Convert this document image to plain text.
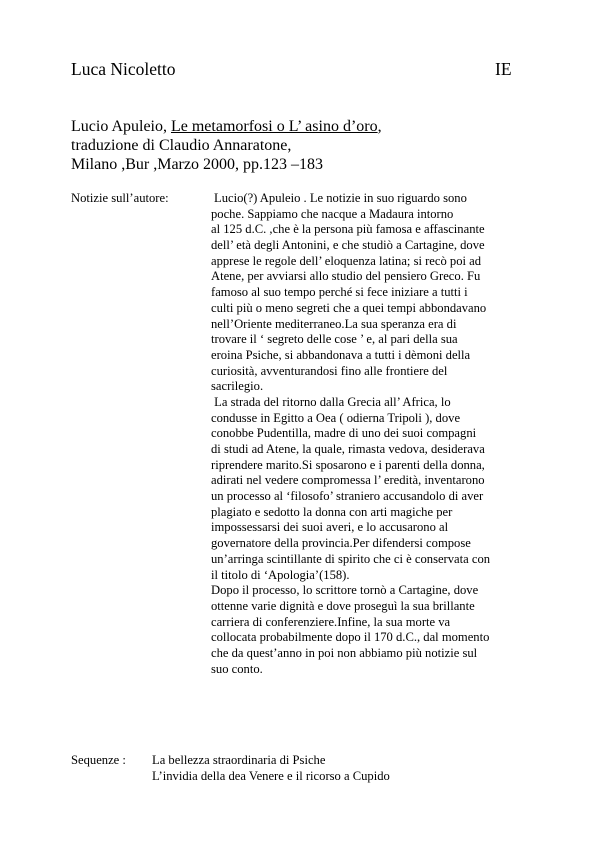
Luca Nicoletto	IE
Lucio Apuleio, Le metamorfosi o L’ asino d’oro,
traduzione di Claudio Annaratone,
Milano ,Bur ,Marzo 2000, pp.123 –183
Notizie sull’autore:	Lucio(?) Apuleio . Le notizie in suo riguardo sono
poche. Sappiamo che nacque a Madaura intorno
al 125 d.C. ,che è la persona più famosa e affascinante
dell’ età degli Antonini, e che studiò a Cartagine, dove
apprese le regole dell’ eloquenza latina; si recò poi ad
Atene, per avviarsi allo studio del pensiero Greco. Fu
famoso al suo tempo perché si fece iniziare a tutti i
culti più o meno segreti che a quei tempi abbondavano
nell’Oriente mediterraneo.La sua speranza era di
trovare il ‘ segreto delle cose ’ e, al pari della sua
eroina Psiche, si abbandonava a tutti i dèmoni della
curiosità, avventurandosi fino alle frontiere del
sacrilegio.
La strada del ritorno dalla Grecia all’ Africa, lo
condusse in Egitto a Oea ( odierna Tripoli ), dove
conobbe Pudentilla, madre di uno dei suoi compagni
di studi ad Atene, la quale, rimasta vedova, desiderava
riprendere marito.Si sposarono e i parenti della donna,
adirati nel vedere compromessa l’ eredità, inventarono
un processo al ‘filosofo’ straniero accusandolo di aver
plagiato e sedotto la donna con arti magiche per
impossessarsi dei suoi averi, e lo accusarono al
governatore della provincia.Per difendersi compose
un’arringa scintillante di spirito che ci è conservata con
il titolo di ‘Apologia’(158).
Dopo il processo, lo scrittore tornò a Cartagine, dove
ottenne varie dignità e dove proseguì la sua brillante
carriera di conferenziere.Infine, la sua morte va
collocata probabilmente dopo il 170 d.C., dal momento
che da quest’anno in poi non abbiamo più notizie sul
suo conto.
Sequenze : La bellezza straordinaria di Psiche
L’invidia della dea Venere e il ricorso a Cupido
